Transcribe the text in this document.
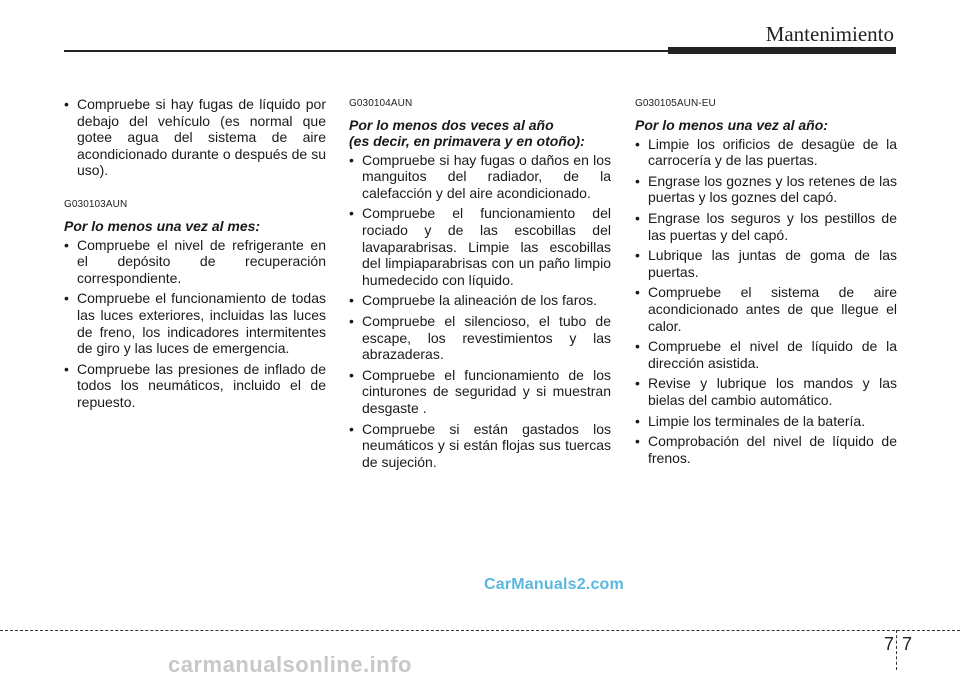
Mantenimiento
• Compruebe si hay fugas de líquido por debajo del vehículo (es normal que gotee agua del sistema de aire acondicionado durante o después de su uso).
G030103AUN
Por lo menos una vez al mes:
• Compruebe el nivel de refrigerante en el depósito de recuperación correspondiente.
• Compruebe el funcionamiento de todas las luces exteriores, incluidas las luces de freno, los indicadores intermitentes de giro y las luces de emergencia.
• Compruebe las presiones de inflado de todos los neumáticos, incluido el de repuesto.
G030104AUN
Por lo menos dos veces al año
(es decir, en primavera y en otoño):
• Compruebe si hay fugas o daños en los manguitos del radiador, de la calefacción y del aire acondicionado.
• Compruebe el funcionamiento del rociado y de las escobillas del lavaparabrisas. Limpie las escobillas del limpiaparabrisas con un paño limpio humedecido con líquido.
• Compruebe la alineación de los faros.
• Compruebe el silencioso, el tubo de escape, los revestimientos y las abrazaderas.
• Compruebe el funcionamiento de los cinturones de seguridad y si muestran desgaste .
• Compruebe si están gastados los neumáticos y si están flojas sus tuercas de sujeción.
G030105AUN-EU
Por lo menos una vez al año:
• Limpie los orificios de desagüe de la carrocería y de las puertas.
• Engrase los goznes y los retenes de las puertas y los goznes del capó.
• Engrase los seguros y los pestillos de las puertas y del capó.
• Lubrique las juntas de goma de las puertas.
• Compruebe el sistema de aire acondicionado antes de que llegue el calor.
• Compruebe el nivel de líquido de la dirección asistida.
• Revise y lubrique los mandos y las bielas del cambio automático.
• Limpie los terminales de la batería.
• Comprobación del nivel de líquido de frenos.
CarManuals2.com
7 7
carmanualsonline.info
